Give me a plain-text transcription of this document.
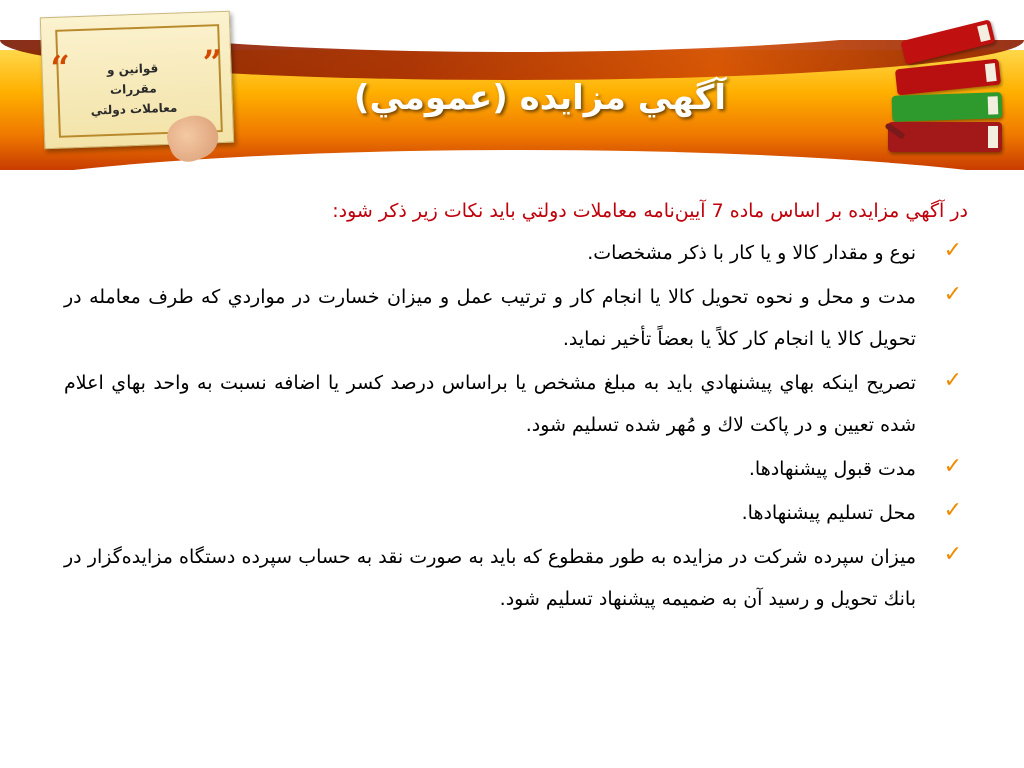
“	”
قوانين و مقررات
معاملات دولتي	آگهي مزايده (عمومي)

در آگهي مزايده بر اساس ماده 7 آيين‌نامه معاملات دولتي بايد نكات زير ذكر شود:

✓
نوع و مقدار كالا و يا كار با ذكر مشخصات.
✓
مدت و محل و نحوه تحويل كالا يا انجام كار و ترتيب عمل و ميزان خسارت در مواردي كه طرف معامله در تحويل كالا يا انجام كار كلاً يا بعضاً تأخير نمايد.
✓
تصريح اينكه بهاي پيشنهادي بايد به مبلغ مشخص يا براساس درصد كسر يا اضافه نسبت به واحد بهاي اعلام شده تعيين و در پاكت لاك و مُهر شده تسليم شود.
✓
مدت قبول پيشنهادها.
✓
محل تسليم پيشنهادها.
✓
ميزان سپرده شركت در مزايده به طور مقطوع كه بايد به صورت نقد به حساب سپرده دستگاه مزايده‌گزار در بانك تحويل و رسيد آن به ضميمه پيشنهاد تسليم شود.
